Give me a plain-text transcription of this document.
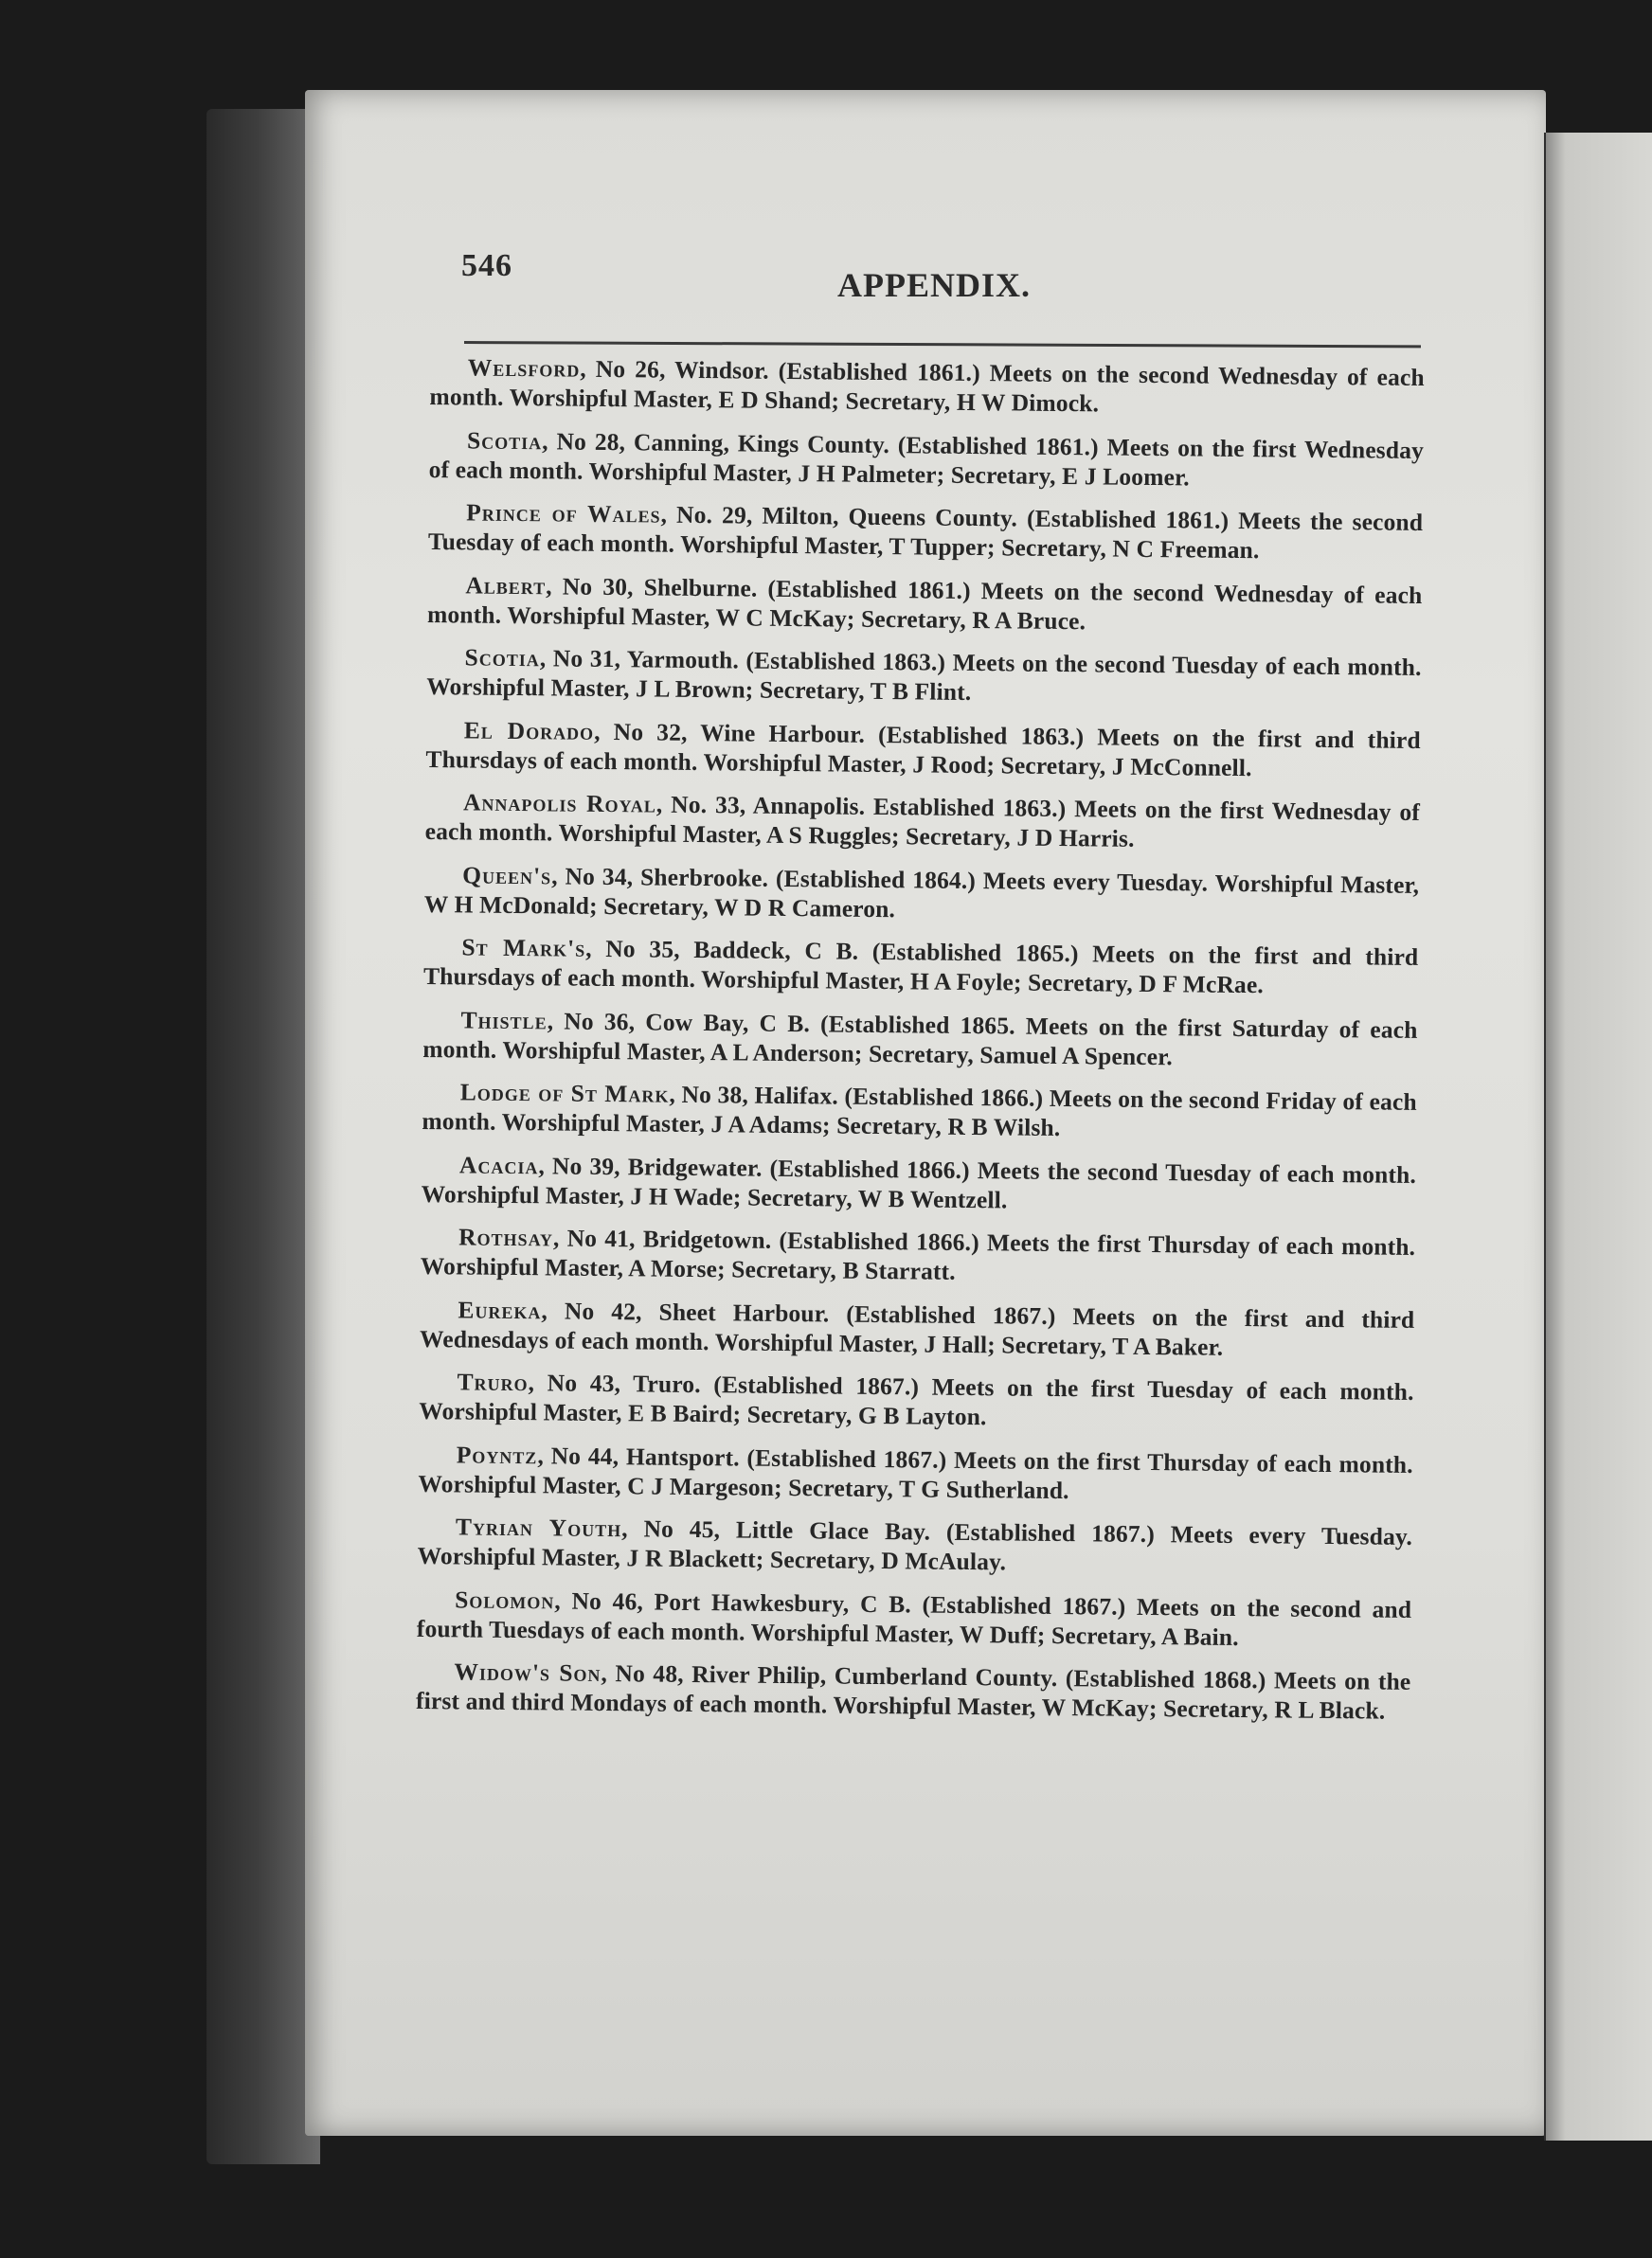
546
APPENDIX.

Welsford, No 26, Windsor. (Established 1861.) Meets on the second Wednesday of each month. Worshipful Master, E D Shand; Secretary, H W Dimock.

Scotia, No 28, Canning, Kings County. (Established 1861.) Meets on the first Wednesday of each month. Worshipful Master, J H Palmeter; Secretary, E J Loomer.

Prince of Wales, No. 29, Milton, Queens County. (Established 1861.) Meets the second Tuesday of each month. Worshipful Master, T Tupper; Secretary, N C Freeman.

Albert, No 30, Shelburne. (Established 1861.) Meets on the second Wednesday of each month. Worshipful Master, W C McKay; Secretary, R A Bruce.

Scotia, No 31, Yarmouth. (Established 1863.) Meets on the second Tuesday of each month. Worshipful Master, J L Brown; Secretary, T B Flint.

El Dorado, No 32, Wine Harbour. (Established 1863.) Meets on the first and third Thursdays of each month. Worshipful Master, J Rood; Secretary, J McConnell.

Annapolis Royal, No. 33, Annapolis. Established 1863.) Meets on the first Wednesday of each month. Worshipful Master, A S Ruggles; Secretary, J D Harris.

Queen's, No 34, Sherbrooke. (Established 1864.) Meets every Tuesday. Worshipful Master, W H McDonald; Secretary, W D R Cameron.

St Mark's, No 35, Baddeck, C B. (Established 1865.) Meets on the first and third Thursdays of each month. Worshipful Master, H A Foyle; Secretary, D F McRae.

Thistle, No 36, Cow Bay, C B. (Established 1865. Meets on the first Saturday of each month. Worshipful Master, A L Anderson; Secretary, Samuel A Spencer.

Lodge of St Mark, No 38, Halifax. (Established 1866.) Meets on the second Friday of each month. Worshipful Master, J A Adams; Secretary, R B Wilsh.

Acacia, No 39, Bridgewater. (Established 1866.) Meets the second Tuesday of each month. Worshipful Master, J H Wade; Secretary, W B Wentzell.

Rothsay, No 41, Bridgetown. (Established 1866.) Meets the first Thursday of each month. Worshipful Master, A Morse; Secretary, B Starratt.

Eureka, No 42, Sheet Harbour. (Established 1867.) Meets on the first and third Wednesdays of each month. Worshipful Master, J Hall; Secretary, T A Baker.

Truro, No 43, Truro. (Established 1867.) Meets on the first Tuesday of each month. Worshipful Master, E B Baird; Secretary, G B Layton.

Poyntz, No 44, Hantsport. (Established 1867.) Meets on the first Thursday of each month. Worshipful Master, C J Margeson; Secretary, T G Sutherland.

Tyrian Youth, No 45, Little Glace Bay. (Established 1867.) Meets every Tuesday. Worshipful Master, J R Blackett; Secretary, D McAulay.

Solomon, No 46, Port Hawkesbury, C B. (Established 1867.) Meets on the second and fourth Tuesdays of each month. Worshipful Master, W Duff; Secretary, A Bain.

Widow's Son, No 48, River Philip, Cumberland County. (Established 1868.) Meets on the first and third Mondays of each month. Worshipful Master, W McKay; Secretary, R L Black.
